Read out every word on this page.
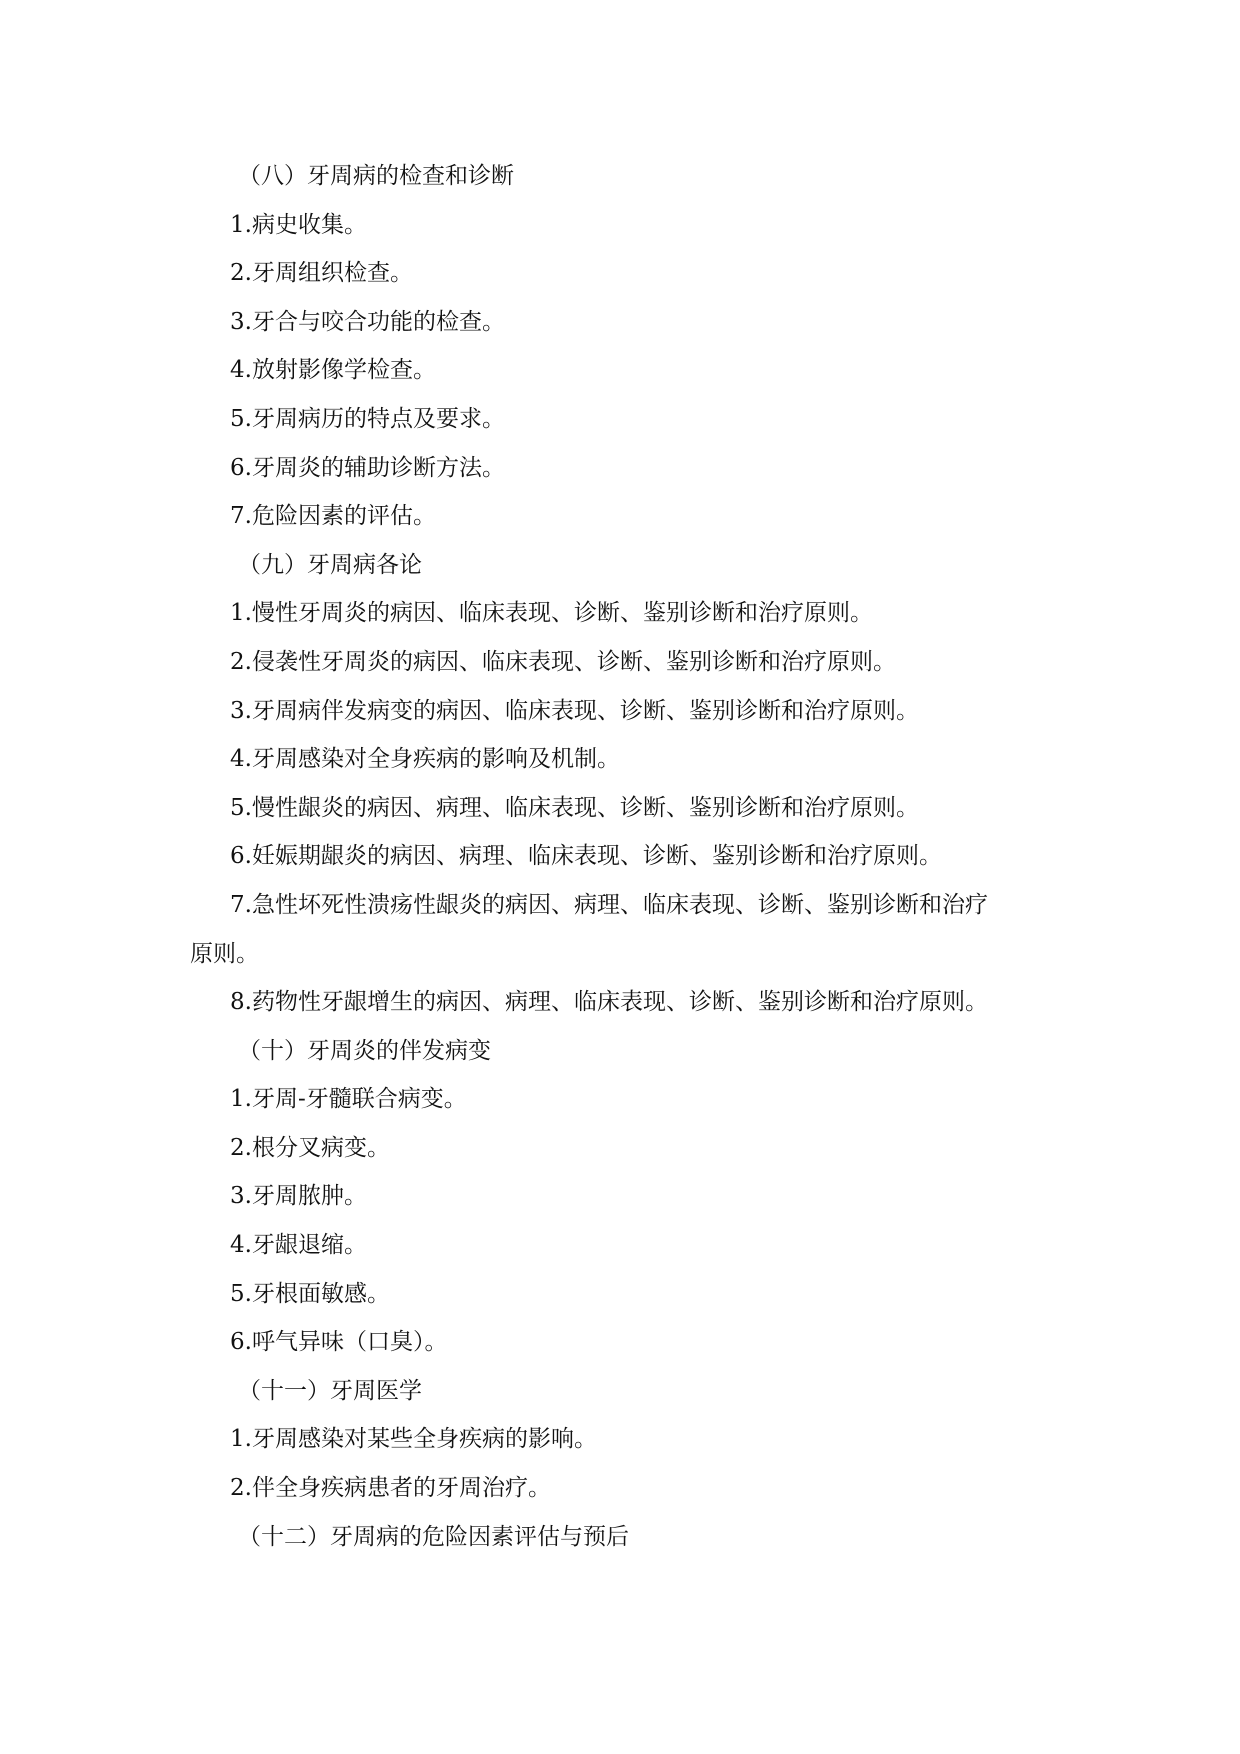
（八）牙周病的检查和诊断
1.病史收集。
2.牙周组织检查。
3.牙合与咬合功能的检查。
4.放射影像学检查。
5.牙周病历的特点及要求。
6.牙周炎的辅助诊断方法。
7.危险因素的评估。
（九）牙周病各论
1.慢性牙周炎的病因、临床表现、诊断、鉴别诊断和治疗原则。
2.侵袭性牙周炎的病因、临床表现、诊断、鉴别诊断和治疗原则。
3.牙周病伴发病变的病因、临床表现、诊断、鉴别诊断和治疗原则。
4.牙周感染对全身疾病的影响及机制。
5.慢性龈炎的病因、病理、临床表现、诊断、鉴别诊断和治疗原则。
6.妊娠期龈炎的病因、病理、临床表现、诊断、鉴别诊断和治疗原则。
7.急性坏死性溃疡性龈炎的病因、病理、临床表现、诊断、鉴别诊断和治疗
原则。
8.药物性牙龈增生的病因、病理、临床表现、诊断、鉴别诊断和治疗原则。
（十）牙周炎的伴发病变
1.牙周-牙髓联合病变。
2.根分叉病变。
3.牙周脓肿。
4.牙龈退缩。
5.牙根面敏感。
6.呼气异味（口臭）。
（十一）牙周医学
1.牙周感染对某些全身疾病的影响。
2.伴全身疾病患者的牙周治疗。
（十二）牙周病的危险因素评估与预后
